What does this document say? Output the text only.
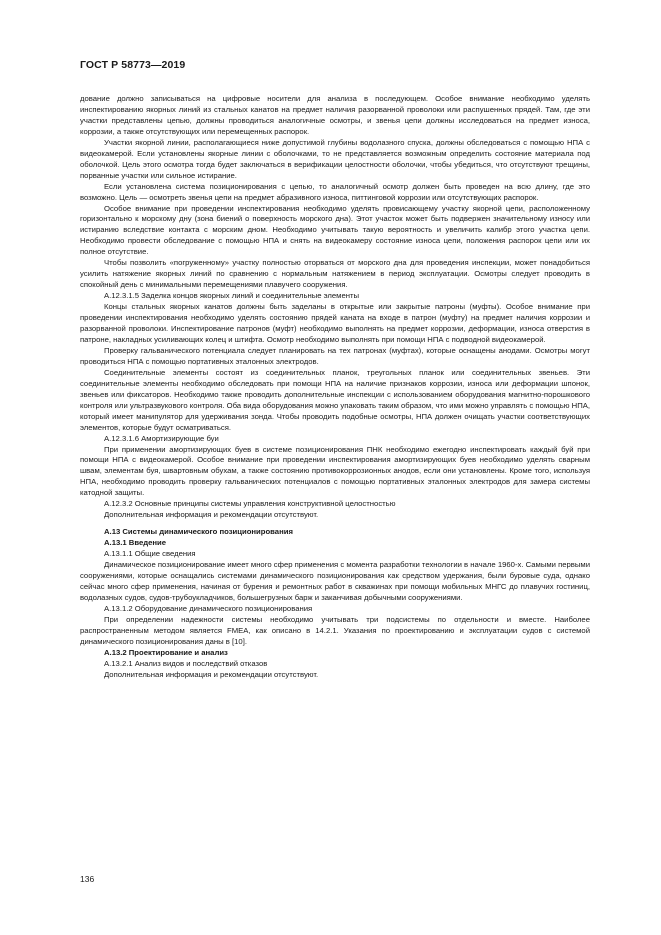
ГОСТ Р 58773—2019

дование должно записываться на цифровые носители для анализа в последующем. Особое внимание необходимо уделять инспектированию якорных линий из стальных канатов на предмет наличия разорванной проволоки или распушенных прядей. Там, где эти участки представлены цепью, должны проводиться аналогичные осмотры, и звенья цепи должны исследоваться на предмет износа, коррозии, а также отсутствующих или перемещенных распорок.

Участки якорной линии, располагающиеся ниже допустимой глубины водолазного спуска, должны обследоваться с помощью НПА с видеокамерой. Если установлены якорные линии с оболочками, то не представляется возможным определить состояние материала под оболочкой. Цель этого осмотра тогда будет заключаться в верификации целостности оболочки, чтобы убедиться, что отсутствуют трещины, порванные участки или сильное истирание.

Если установлена система позиционирования с цепью, то аналогичный осмотр должен быть проведен на всю длину, где это возможно. Цель — осмотреть звенья цепи на предмет абразивного износа, питтинговой коррозии или отсутствующих распорок.

Особое внимание при проведении инспектирования необходимо уделять провисающему участку якорной цепи, расположенному горизонтально к морскому дну (зона биений о поверхность морского дна). Этот участок может быть подвержен значительному износу или истиранию вследствие контакта с морским дном. Необходимо учитывать такую вероятность и увеличить калибр этого участка цепи. Необходимо провести обследование с помощью НПА и снять на видеокамеру состояние износа цепи, положения распорок цепи или их полное отсутствие.

Чтобы позволить «погруженному» участку полностью оторваться от морского дна для проведения инспекции, может понадобиться усилить натяжение якорных линий по сравнению с нормальным натяжением в период эксплуатации. Осмотры следует проводить в спокойный день с минимальными перемещениями плавучего сооружения.

А.12.3.1.5 Заделка концов якорных линий и соединительные элементы

Концы стальных якорных канатов должны быть заделаны в открытые или закрытые патроны (муфты). Особое внимание при проведении инспектирования необходимо уделять состоянию прядей каната на входе в патрон (муфту) на предмет наличия коррозии и разорванной проволоки. Инспектирование патронов (муфт) необходимо выполнять на предмет коррозии, деформации, износа отверстия в патроне, накладных усиливающих колец и штифта. Осмотр необходимо выполнять при помощи НПА с подводной видеокамерой.

Проверку гальванического потенциала следует планировать на тех патронах (муфтах), которые оснащены анодами. Осмотры могут проводиться НПА с помощью портативных эталонных электродов.

Соединительные элементы состоят из соединительных планок, треугольных планок или соединительных звеньев. Эти соединительные элементы необходимо обследовать при помощи НПА на наличие признаков коррозии, износа или деформации шпонок, звеньев или фиксаторов. Необходимо также проводить дополнительные инспекции с использованием оборудования магнитно-порошкового контроля или ультразвукового контроля. Оба вида оборудования можно упаковать таким образом, что ими можно управлять с помощью НПА, который имеет манипулятор для удерживания зонда. Чтобы проводить подобные осмотры, НПА должен очищать участки соответствующих элементов, которые будут осматриваться.

А.12.3.1.6 Амортизирующие буи

При применении амортизирующих буев в системе позиционирования ПНК необходимо ежегодно инспектировать каждый буй при помощи НПА с видеокамерой. Особое внимание при проведении инспектирования амортизирующих буев необходимо уделять сварным швам, элементам буя, швартовным обухам, а также состоянию противокоррозионных анодов, если они установлены. Кроме того, используя НПА, необходимо проводить проверку гальванических потенциалов с помощью портативных эталонных электродов для замера системы катодной защиты.

А.12.3.2 Основные принципы системы управления конструктивной целостностью

Дополнительная информация и рекомендации отсутствуют.

А.13 Системы динамического позиционирования

А.13.1 Введение

А.13.1.1 Общие сведения

Динамическое позиционирование имеет много сфер применения с момента разработки технологии в начале 1960-х. Самыми первыми сооружениями, которые оснащались системами динамического позиционирования как средством удержания, были буровые суда, однако сейчас много сфер применения, начиная от бурения и ремонтных работ в скважинах при помощи мобильных МНГС до плавучих гостиниц, водолазных судов, судов-трубоукладчиков, большегрузных барж и заканчивая добычными сооружениями.

А.13.1.2 Оборудование динамического позиционирования

При определении надежности системы необходимо учитывать три подсистемы по отдельности и вместе. Наиболее распространенным методом является FMEA, как описано в 14.2.1. Указания по проектированию и эксплуатации судов с системой динамического позиционирования даны в [10].

А.13.2 Проектирование и анализ

А.13.2.1 Анализ видов и последствий отказов

Дополнительная информация и рекомендации отсутствуют.

136
